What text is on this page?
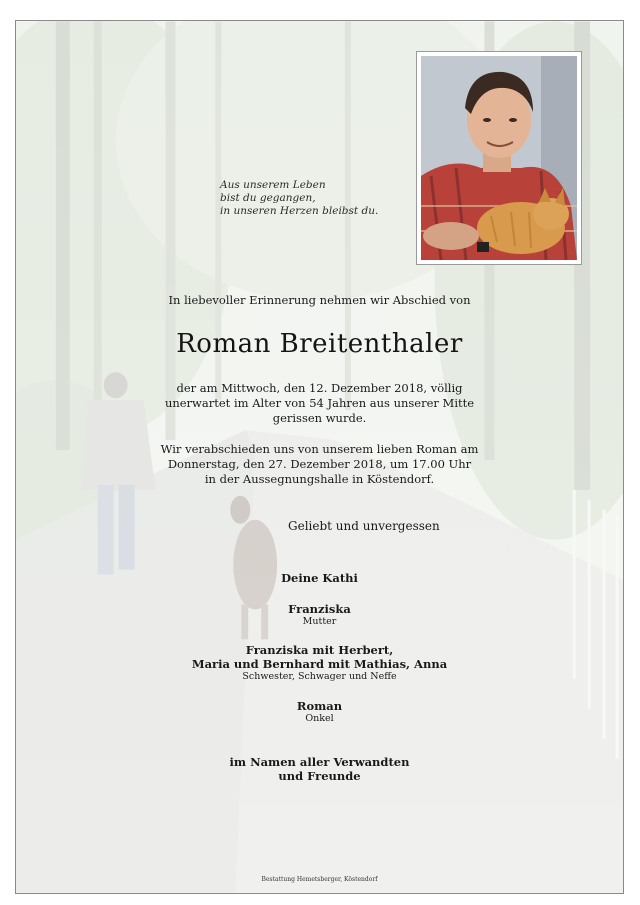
Aus unserem Leben
bist du gegangen,
in unseren Herzen bleibst du.
In liebevoller Erinnerung nehmen wir Abschied von
Roman Breitenthaler
der am Mittwoch, den 12. Dezember 2018, völlig
unerwartet im Alter von 54 Jahren aus unserer Mitte
gerissen wurde.
Wir verabschieden uns von unserem lieben Roman am
Donnerstag, den 27. Dezember 2018, um 17.00 Uhr
in der Aussegnungshalle in Köstendorf.
Geliebt und unvergessen
Deine Kathi
Franziska
Mutter
Franziska mit Herbert,
Maria und Bernhard mit Mathias, Anna
Schwester, Schwager und Neffe
Roman
Onkel
im Namen aller Verwandten
und Freunde
Bestattung Hemetsberger, Köstendorf
